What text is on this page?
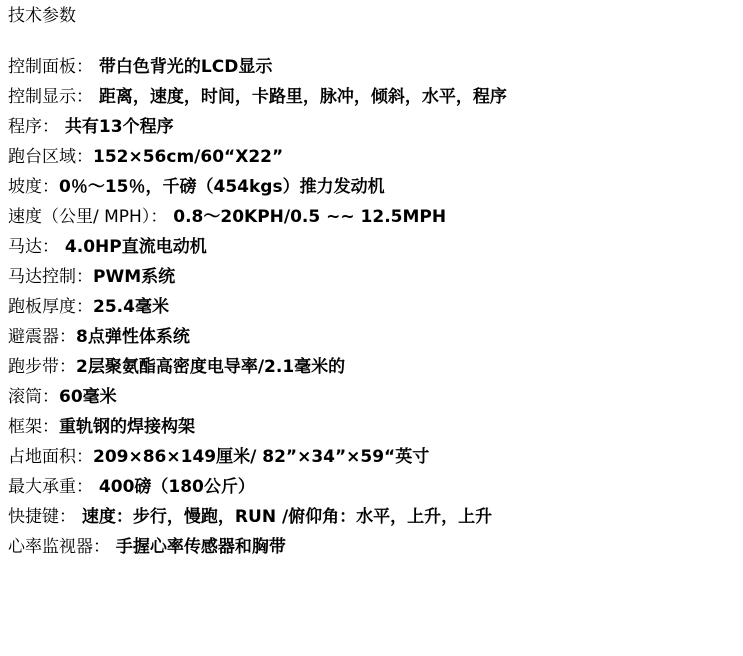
技术参数
控制面板： 带白色背光的LCD显示
控制显示： 距离，速度，时间，卡路里，脉冲，倾斜，水平，程序
程序： 共有13个程序
跑台区域：152×56cm/60“X22”
坡度：0％～15％，千磅（454kgs）推力发动机
速度（公里/ MPH）： 0.8～20KPH/0.5 ~~ 12.5MPH
马达： 4.0HP直流电动机
马达控制：PWM系统
跑板厚度：25.4毫米
避震器：8点弹性体系统
跑步带：2层聚氨酯高密度电导率/2.1毫米的
滚筒：60毫米
框架：重轨钢的焊接构架
占地面积：209×86×149厘米/ 82”×34”×59“英寸
最大承重： 400磅（180公斤）
快捷键： 速度：步行，慢跑，RUN /俯仰角：水平，上升，上升
心率监视器： 手握心率传感器和胸带
